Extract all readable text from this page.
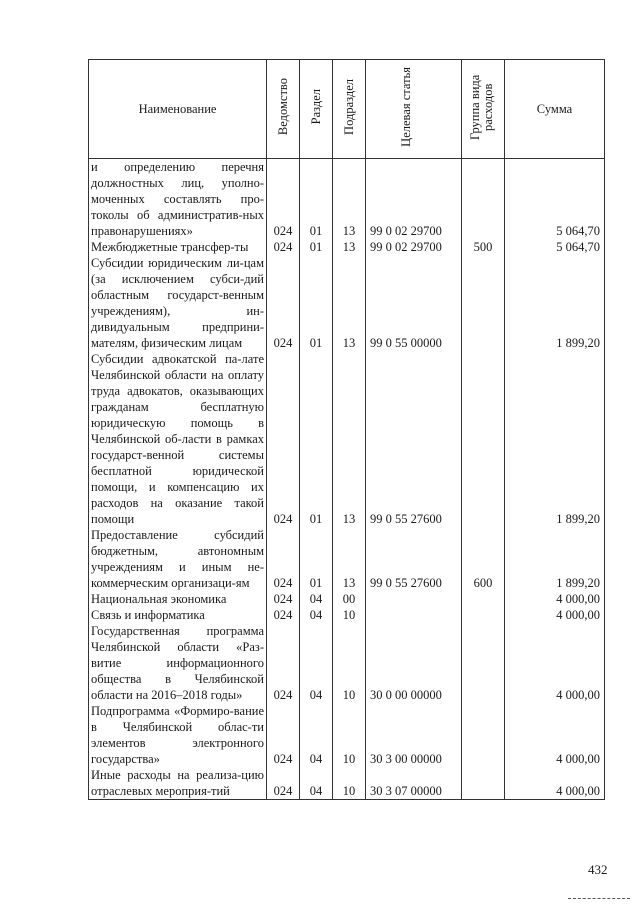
Наименование	Ведомство	Раздел	Подраздел	Целевая статья	Группа вида расходов	Сумма
и определению перечня должностных лиц, уполно-моченных составлять про-токолы об административ-ных правонарушениях»	024	01	13	99 0 02 29700		5 064,70
Межбюджетные трансфер-ты	024	01	13	99 0 02 29700	500	5 064,70
Субсидии юридическим ли-цам (за исключением субси-дий областным государст-венным учреждениям), ин-дивидуальным предприни-мателям, физическим лицам	024	01	13	99 0 55 00000		1 899,20
Субсидии адвокатской па-лате Челябинской области на оплату труда адвокатов, оказывающих гражданам бесплатную юридическую помощь в Челябинской об-ласти в рамках государст-венной системы бесплатной юридической помощи, и компенсацию их расходов на оказание такой помощи	024	01	13	99 0 55 27600		1 899,20
Предоставление субсидий бюджетным, автономным учреждениям и иным не-коммерческим организаци-ям	024	01	13	99 0 55 27600	600	1 899,20
Национальная экономика	024	04	00			4 000,00
Связь и информатика	024	04	10			4 000,00
Государственная программа Челябинской области «Раз-витие информационного общества в Челябинской области на 2016–2018 годы»	024	04	10	30 0 00 00000		4 000,00
Подпрограмма «Формиро-вание в Челябинской облас-ти элементов электронного государства»	024	04	10	30 3 00 00000		4 000,00
Иные расходы на реализа-цию отраслевых мероприя-тий	024	04	10	30 3 07 00000		4 000,00
432
